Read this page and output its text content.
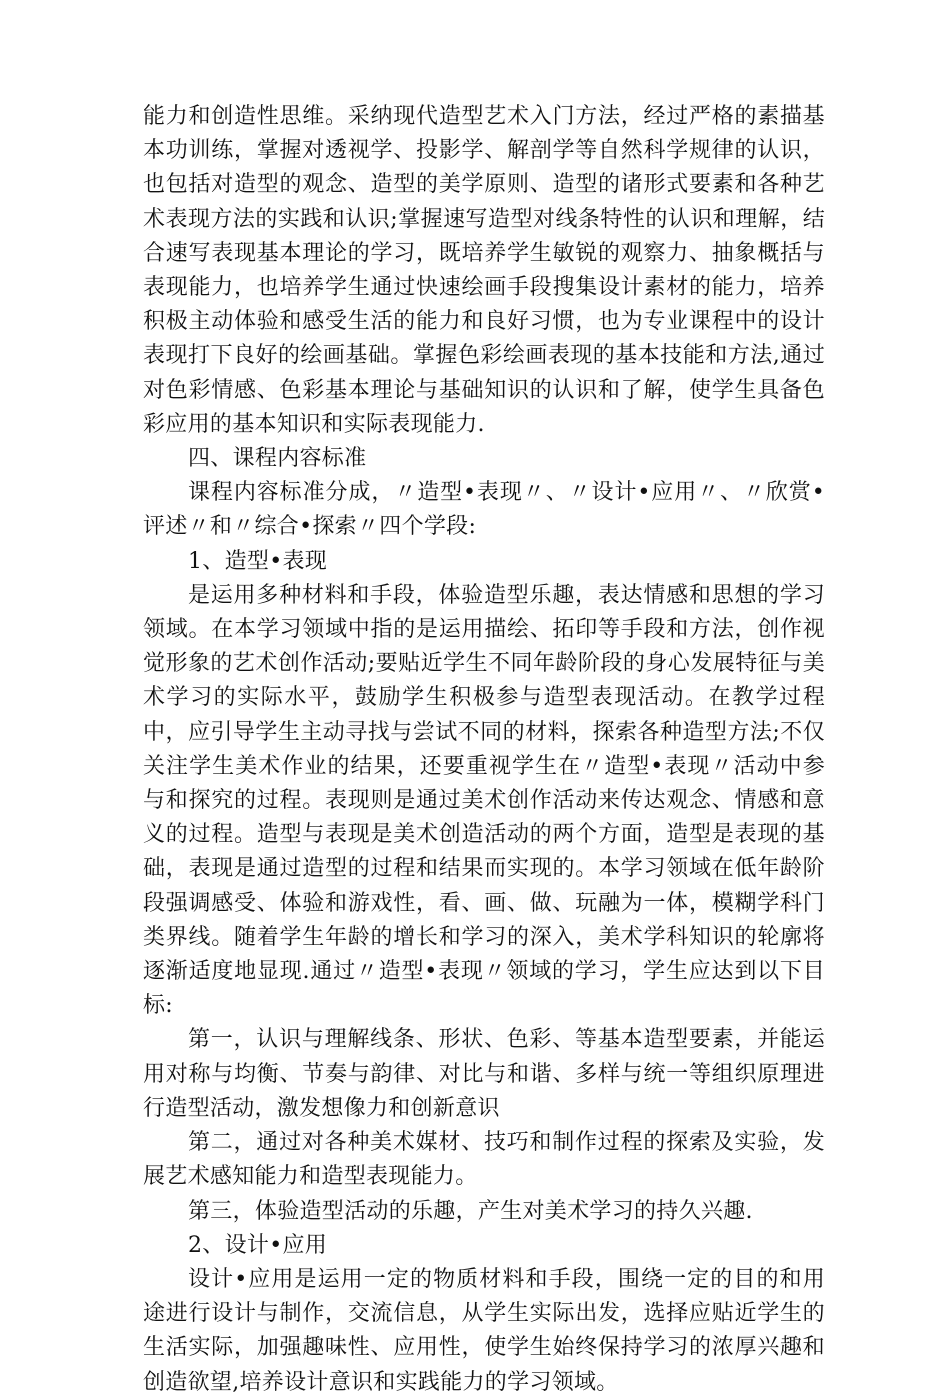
能力和创造性思维。采纳现代造型艺术入门方法，经过严格的素描基本功训练，掌握对透视学、投影学、解剖学等自然科学规律的认识，也包括对造型的观念、造型的美学原则、造型的诸形式要素和各种艺术表现方法的实践和认识;掌握速写造型对线条特性的认识和理解，结合速写表现基本理论的学习，既培养学生敏锐的观察力、抽象概括与表现能力，也培养学生通过快速绘画手段搜集设计素材的能力，培养积极主动体验和感受生活的能力和良好习惯，也为专业课程中的设计表现打下良好的绘画基础。掌握色彩绘画表现的基本技能和方法,通过对色彩情感、色彩基本理论与基础知识的认识和了解，使学生具备色彩应用的基本知识和实际表现能力.

四、课程内容标准

课程内容标准分成，〃造型•表现〃、〃设计•应用〃、〃欣赏•评述〃和〃综合•探索〃四个学段:

1、造型•表现

是运用多种材料和手段，体验造型乐趣，表达情感和思想的学习领域。在本学习领域中指的是运用描绘、拓印等手段和方法，创作视觉形象的艺术创作活动;要贴近学生不同年龄阶段的身心发展特征与美术学习的实际水平，鼓励学生积极参与造型表现活动。在教学过程中，应引导学生主动寻找与尝试不同的材料，探索各种造型方法;不仅关注学生美术作业的结果，还要重视学生在〃造型•表现〃活动中参与和探究的过程。表现则是通过美术创作活动来传达观念、情感和意义的过程。造型与表现是美术创造活动的两个方面，造型是表现的基础，表现是通过造型的过程和结果而实现的。本学习领域在低年龄阶段强调感受、体验和游戏性，看、画、做、玩融为一体，模糊学科门类界线。随着学生年龄的增长和学习的深入，美术学科知识的轮廓将逐渐适度地显现.通过〃造型•表现〃领域的学习，学生应达到以下目标:

第一，认识与理解线条、形状、色彩、等基本造型要素，并能运用对称与均衡、节奏与韵律、对比与和谐、多样与统一等组织原理进行造型活动，激发想像力和创新意识

第二，通过对各种美术媒材、技巧和制作过程的探索及实验，发展艺术感知能力和造型表现能力。

第三，体验造型活动的乐趣，产生对美术学习的持久兴趣.

2、设计•应用

设计•应用是运用一定的物质材料和手段，围绕一定的目的和用途进行设计与制作，交流信息，从学生实际出发，选择应贴近学生的生活实际，加强趣味性、应用性，使学生始终保持学习的浓厚兴趣和创造欲望,培养设计意识和实践能力的学习领域。
